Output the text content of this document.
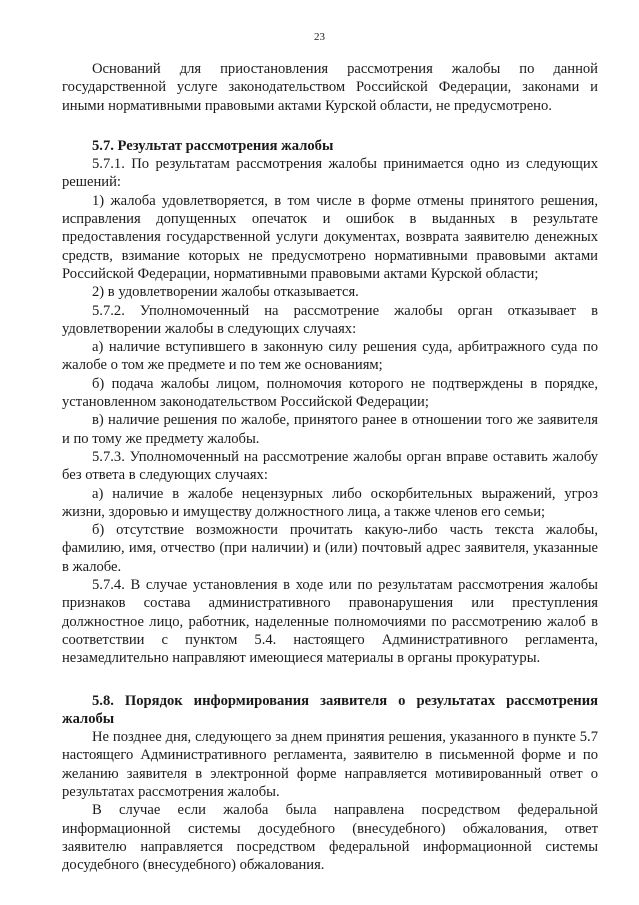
23

Оснований для приостановления рассмотрения жалобы по данной государственной услуге законодательством Российской Федерации, законами и иными нормативными правовыми актами Курской области, не предусмотрено.

5.7. Результат рассмотрения жалобы

5.7.1. По результатам рассмотрения жалобы принимается одно из следующих решений:

1) жалоба удовлетворяется, в том числе в форме отмены принятого решения, исправления допущенных опечаток и ошибок в выданных в результате предоставления государственной услуги документах, возврата заявителю денежных средств, взимание которых не предусмотрено нормативными правовыми актами Российской Федерации, нормативными правовыми актами Курской области;

2) в удовлетворении жалобы отказывается.

5.7.2. Уполномоченный на рассмотрение жалобы орган отказывает в удовлетворении жалобы в следующих случаях:

а) наличие вступившего в законную силу решения суда, арбитражного суда по жалобе о том же предмете и по тем же основаниям;

б) подача жалобы лицом, полномочия которого не подтверждены в порядке, установленном законодательством Российской Федерации;

в) наличие решения по жалобе, принятого ранее в отношении того же заявителя и по тому же предмету жалобы.

5.7.3. Уполномоченный на рассмотрение жалобы орган вправе оставить жалобу без ответа в следующих случаях:

а) наличие в жалобе нецензурных либо оскорбительных выражений, угроз жизни, здоровью и имуществу должностного лица, а также членов его семьи;

б) отсутствие возможности прочитать какую-либо часть текста жалобы, фамилию, имя, отчество (при наличии) и (или) почтовый адрес заявителя, указанные в жалобе.

5.7.4. В случае установления в ходе или по результатам рассмотрения жалобы признаков состава административного правонарушения или преступления должностное лицо, работник, наделенные полномочиями по рассмотрению жалоб в соответствии с пунктом 5.4. настоящего Административного регламента, незамедлительно направляют имеющиеся материалы в органы прокуратуры.

5.8. Порядок информирования заявителя о результатах рассмотрения жалобы

Не позднее дня, следующего за днем принятия решения, указанного в пункте 5.7 настоящего Административного регламента, заявителю в письменной форме и по желанию заявителя в электронной форме направляется мотивированный ответ о результатах рассмотрения жалобы.

В случае если жалоба была направлена посредством федеральной информационной системы досудебного (внесудебного) обжалования, ответ заявителю направляется посредством федеральной информационной системы досудебного (внесудебного) обжалования.
